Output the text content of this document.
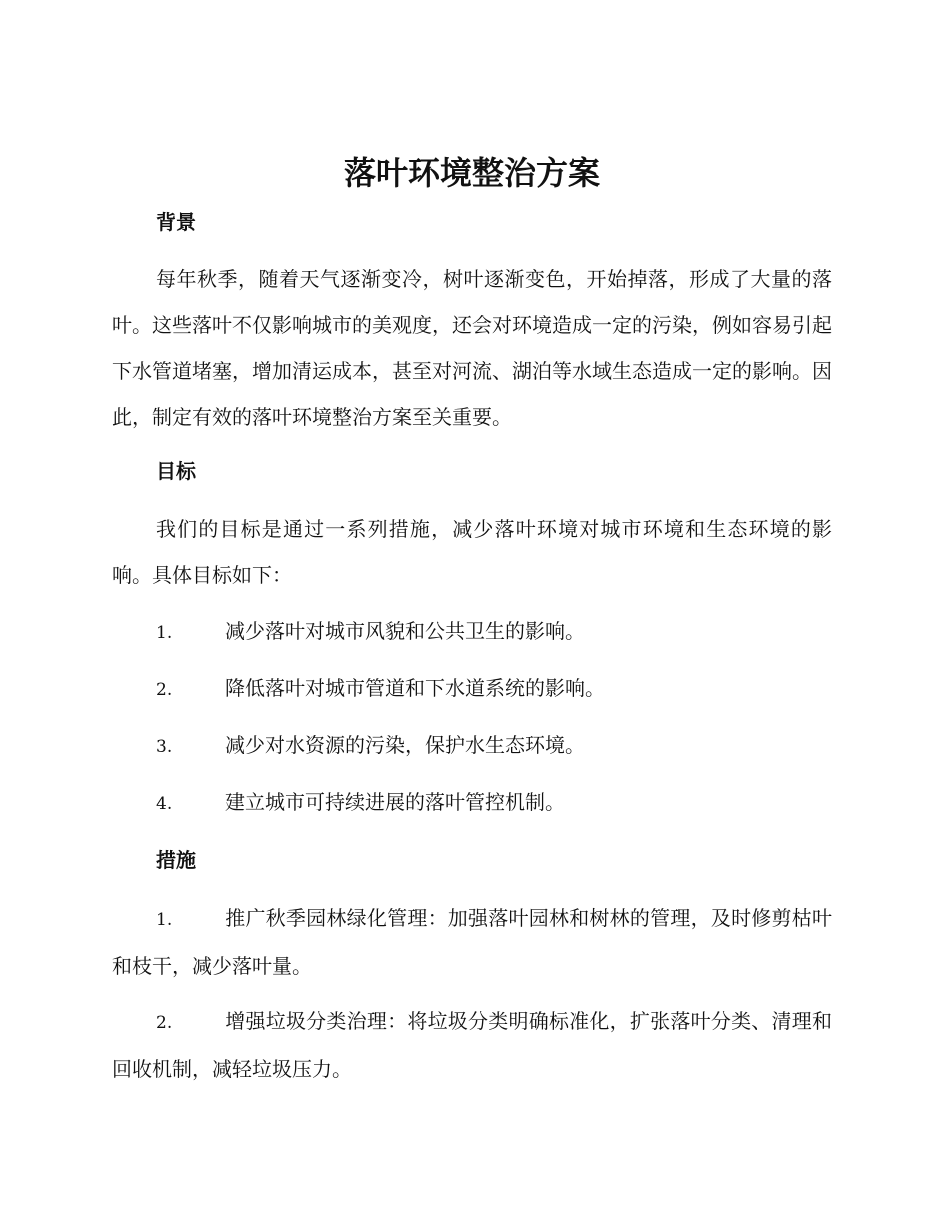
落叶环境整治方案
背景

每年秋季，随着天气逐渐变冷，树叶逐渐变色，开始掉落，形成了大量的落叶。这些落叶不仅影响城市的美观度，还会对环境造成一定的污染，例如容易引起下水管道堵塞，增加清运成本，甚至对河流、湖泊等水域生态造成一定的影响。因此，制定有效的落叶环境整治方案至关重要。

目标

我们的目标是通过一系列措施，减少落叶环境对城市环境和生态环境的影响。具体目标如下：

1.	减少落叶对城市风貌和公共卫生的影响。

2.	降低落叶对城市管道和下水道系统的影响。

3.	减少对水资源的污染，保护水生态环境。

4.	建立城市可持续进展的落叶管控机制。

措施

1.	推广秋季园林绿化管理：加强落叶园林和树林的管理，及时修剪枯叶和枝干，减少落叶量。

2.	增强垃圾分类治理：将垃圾分类明确标准化，扩张落叶分类、清理和回收机制，减轻垃圾压力。
